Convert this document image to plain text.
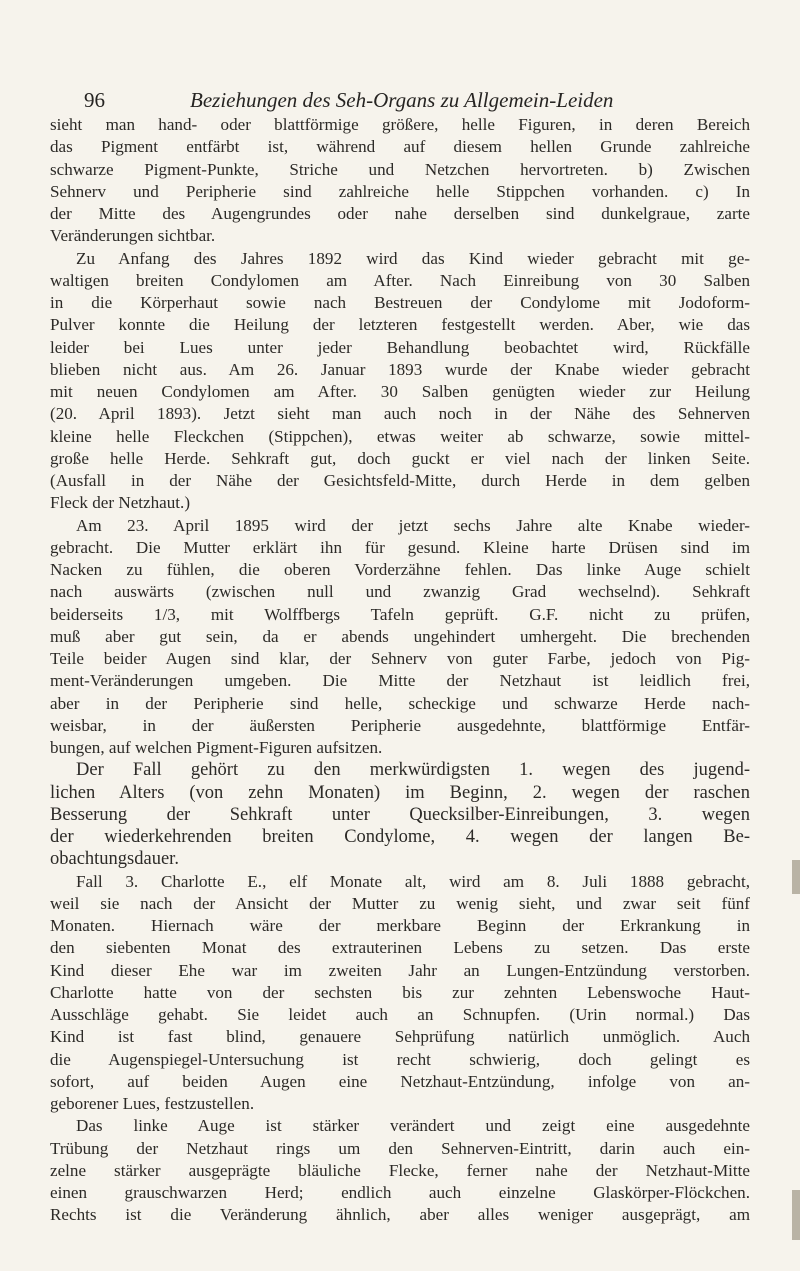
96	Beziehungen des Seh-Organs zu Allgemein-Leiden
sieht man hand- oder blattförmige größere, helle Figuren, in deren Bereich
das Pigment entfärbt ist, während auf diesem hellen Grunde zahlreiche
schwarze Pigment-Punkte, Striche und Netzchen hervortreten. b) Zwischen
Sehnerv und Peripherie sind zahlreiche helle Stippchen vorhanden. c) In
der Mitte des Augengrundes oder nahe derselben sind dunkelgraue, zarte
Veränderungen sichtbar.
Zu Anfang des Jahres 1892 wird das Kind wieder gebracht mit ge-
waltigen breiten Condylomen am After. Nach Einreibung von 30 Salben
in die Körperhaut sowie nach Bestreuen der Condylome mit Jodoform-
Pulver konnte die Heilung der letzteren festgestellt werden. Aber, wie das
leider bei Lues unter jeder Behandlung beobachtet wird, Rückfälle
blieben nicht aus. Am 26. Januar 1893 wurde der Knabe wieder gebracht
mit neuen Condylomen am After. 30 Salben genügten wieder zur Heilung
(20. April 1893). Jetzt sieht man auch noch in der Nähe des Sehnerven
kleine helle Fleckchen (Stippchen), etwas weiter ab schwarze, sowie mittel-
große helle Herde. Sehkraft gut, doch guckt er viel nach der linken Seite.
(Ausfall in der Nähe der Gesichtsfeld-Mitte, durch Herde in dem gelben
Fleck der Netzhaut.)
Am 23. April 1895 wird der jetzt sechs Jahre alte Knabe wieder-
gebracht. Die Mutter erklärt ihn für gesund. Kleine harte Drüsen sind im
Nacken zu fühlen, die oberen Vorderzähne fehlen. Das linke Auge schielt
nach auswärts (zwischen null und zwanzig Grad wechselnd). Sehkraft
beiderseits 1/3, mit Wolffbergs Tafeln geprüft. G.F. nicht zu prüfen,
muß aber gut sein, da er abends ungehindert umhergeht. Die brechenden
Teile beider Augen sind klar, der Sehnerv von guter Farbe, jedoch von Pig-
ment-Veränderungen umgeben. Die Mitte der Netzhaut ist leidlich frei,
aber in der Peripherie sind helle, scheckige und schwarze Herde nach-
weisbar, in der äußersten Peripherie ausgedehnte, blattförmige Entfär-
bungen, auf welchen Pigment-Figuren aufsitzen.
Der Fall gehört zu den merkwürdigsten 1. wegen des jugend-
lichen Alters (von zehn Monaten) im Beginn, 2. wegen der raschen
Besserung der Sehkraft unter Quecksilber-Einreibungen, 3. wegen
der wiederkehrenden breiten Condylome, 4. wegen der langen Be-
obachtungsdauer.
Fall 3. Charlotte E., elf Monate alt, wird am 8. Juli 1888 gebracht,
weil sie nach der Ansicht der Mutter zu wenig sieht, und zwar seit fünf
Monaten. Hiernach wäre der merkbare Beginn der Erkrankung in
den siebenten Monat des extrauterinen Lebens zu setzen. Das erste
Kind dieser Ehe war im zweiten Jahr an Lungen-Entzündung verstorben.
Charlotte hatte von der sechsten bis zur zehnten Lebenswoche Haut-
Ausschläge gehabt. Sie leidet auch an Schnupfen. (Urin normal.) Das
Kind ist fast blind, genauere Sehprüfung natürlich unmöglich. Auch
die Augenspiegel-Untersuchung ist recht schwierig, doch gelingt es
sofort, auf beiden Augen eine Netzhaut-Entzündung, infolge von an-
geborener Lues, festzustellen.
Das linke Auge ist stärker verändert und zeigt eine ausgedehnte
Trübung der Netzhaut rings um den Sehnerven-Eintritt, darin auch ein-
zelne stärker ausgeprägte bläuliche Flecke, ferner nahe der Netzhaut-Mitte
einen grauschwarzen Herd; endlich auch einzelne Glaskörper-Flöckchen.
Rechts ist die Veränderung ähnlich, aber alles weniger ausgeprägt, am
